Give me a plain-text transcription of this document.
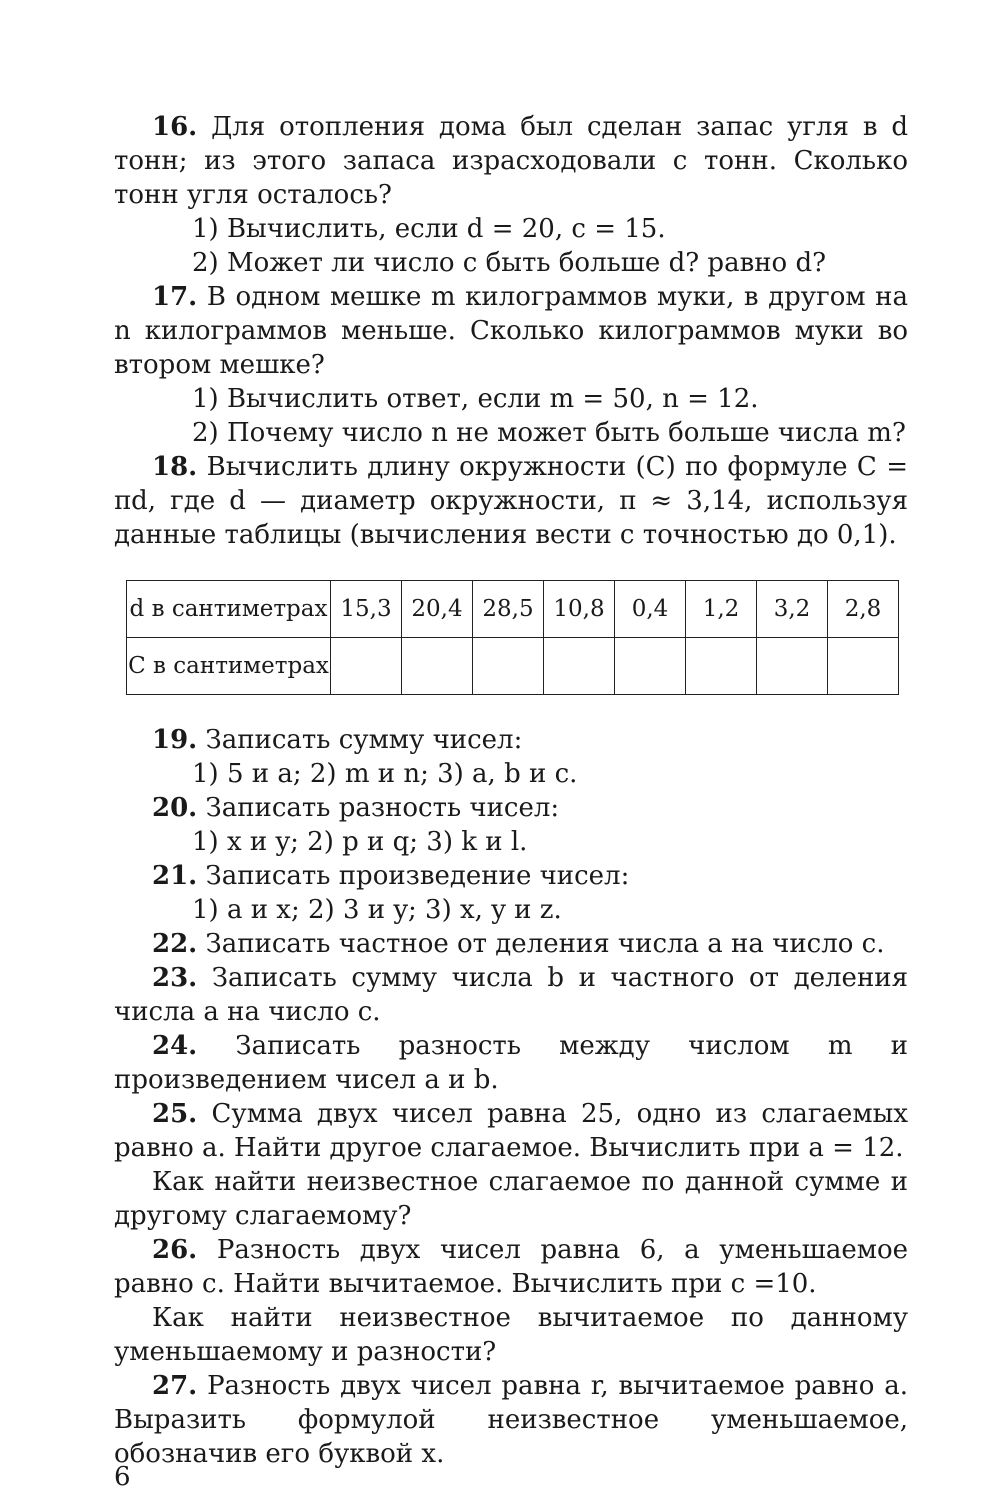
16. Для отопления дома был сделан запас угля в d тонн; из этого запаса израсходовали c тонн. Сколько тонн угля осталось?

1) Вычислить, если d = 20, c = 15.

2) Может ли число c быть больше d? равно d?

17. В одном мешке m килограммов муки, в другом на n килограммов меньше. Сколько килограммов муки во втором мешке?

1) Вычислить ответ, если m = 50, n = 12.

2) Почему число n не может быть больше числа m?

18. Вычислить длину окружности (C) по формуле C = πd, где d — диаметр окружности, π ≈ 3,14, используя данные таблицы (вычисления вести с точностью до 0,1).

d в сантиметрах	15,3	20,4	28,5	10,8	0,4	1,2	3,2	2,8
C в сантиметрах								

19. Записать сумму чисел:

1) 5 и a; 2) m и n; 3) a, b и c.

20. Записать разность чисел:

1) x и y; 2) p и q; 3) k и l.

21. Записать произведение чисел:

1) a и x; 2) 3 и y; 3) x, y и z.

22. Записать частное от деления числа a на число c.

23. Записать сумму числа b и частного от деления числа a на число c.

24. Записать разность между числом m и произведением чисел a и b.

25. Сумма двух чисел равна 25, одно из слагаемых равно a. Найти другое слагаемое. Вычислить при a = 12.

Как найти неизвестное слагаемое по данной сумме и другому слагаемому?

26. Разность двух чисел равна 6, а уменьшаемое равно c. Найти вычитаемое. Вычислить при c =10.

Как найти неизвестное вычитаемое по данному уменьшаемому и разности?

27. Разность двух чисел равна r, вычитаемое равно a. Выразить формулой неизвестное уменьшаемое, обозначив его буквой x.

6
